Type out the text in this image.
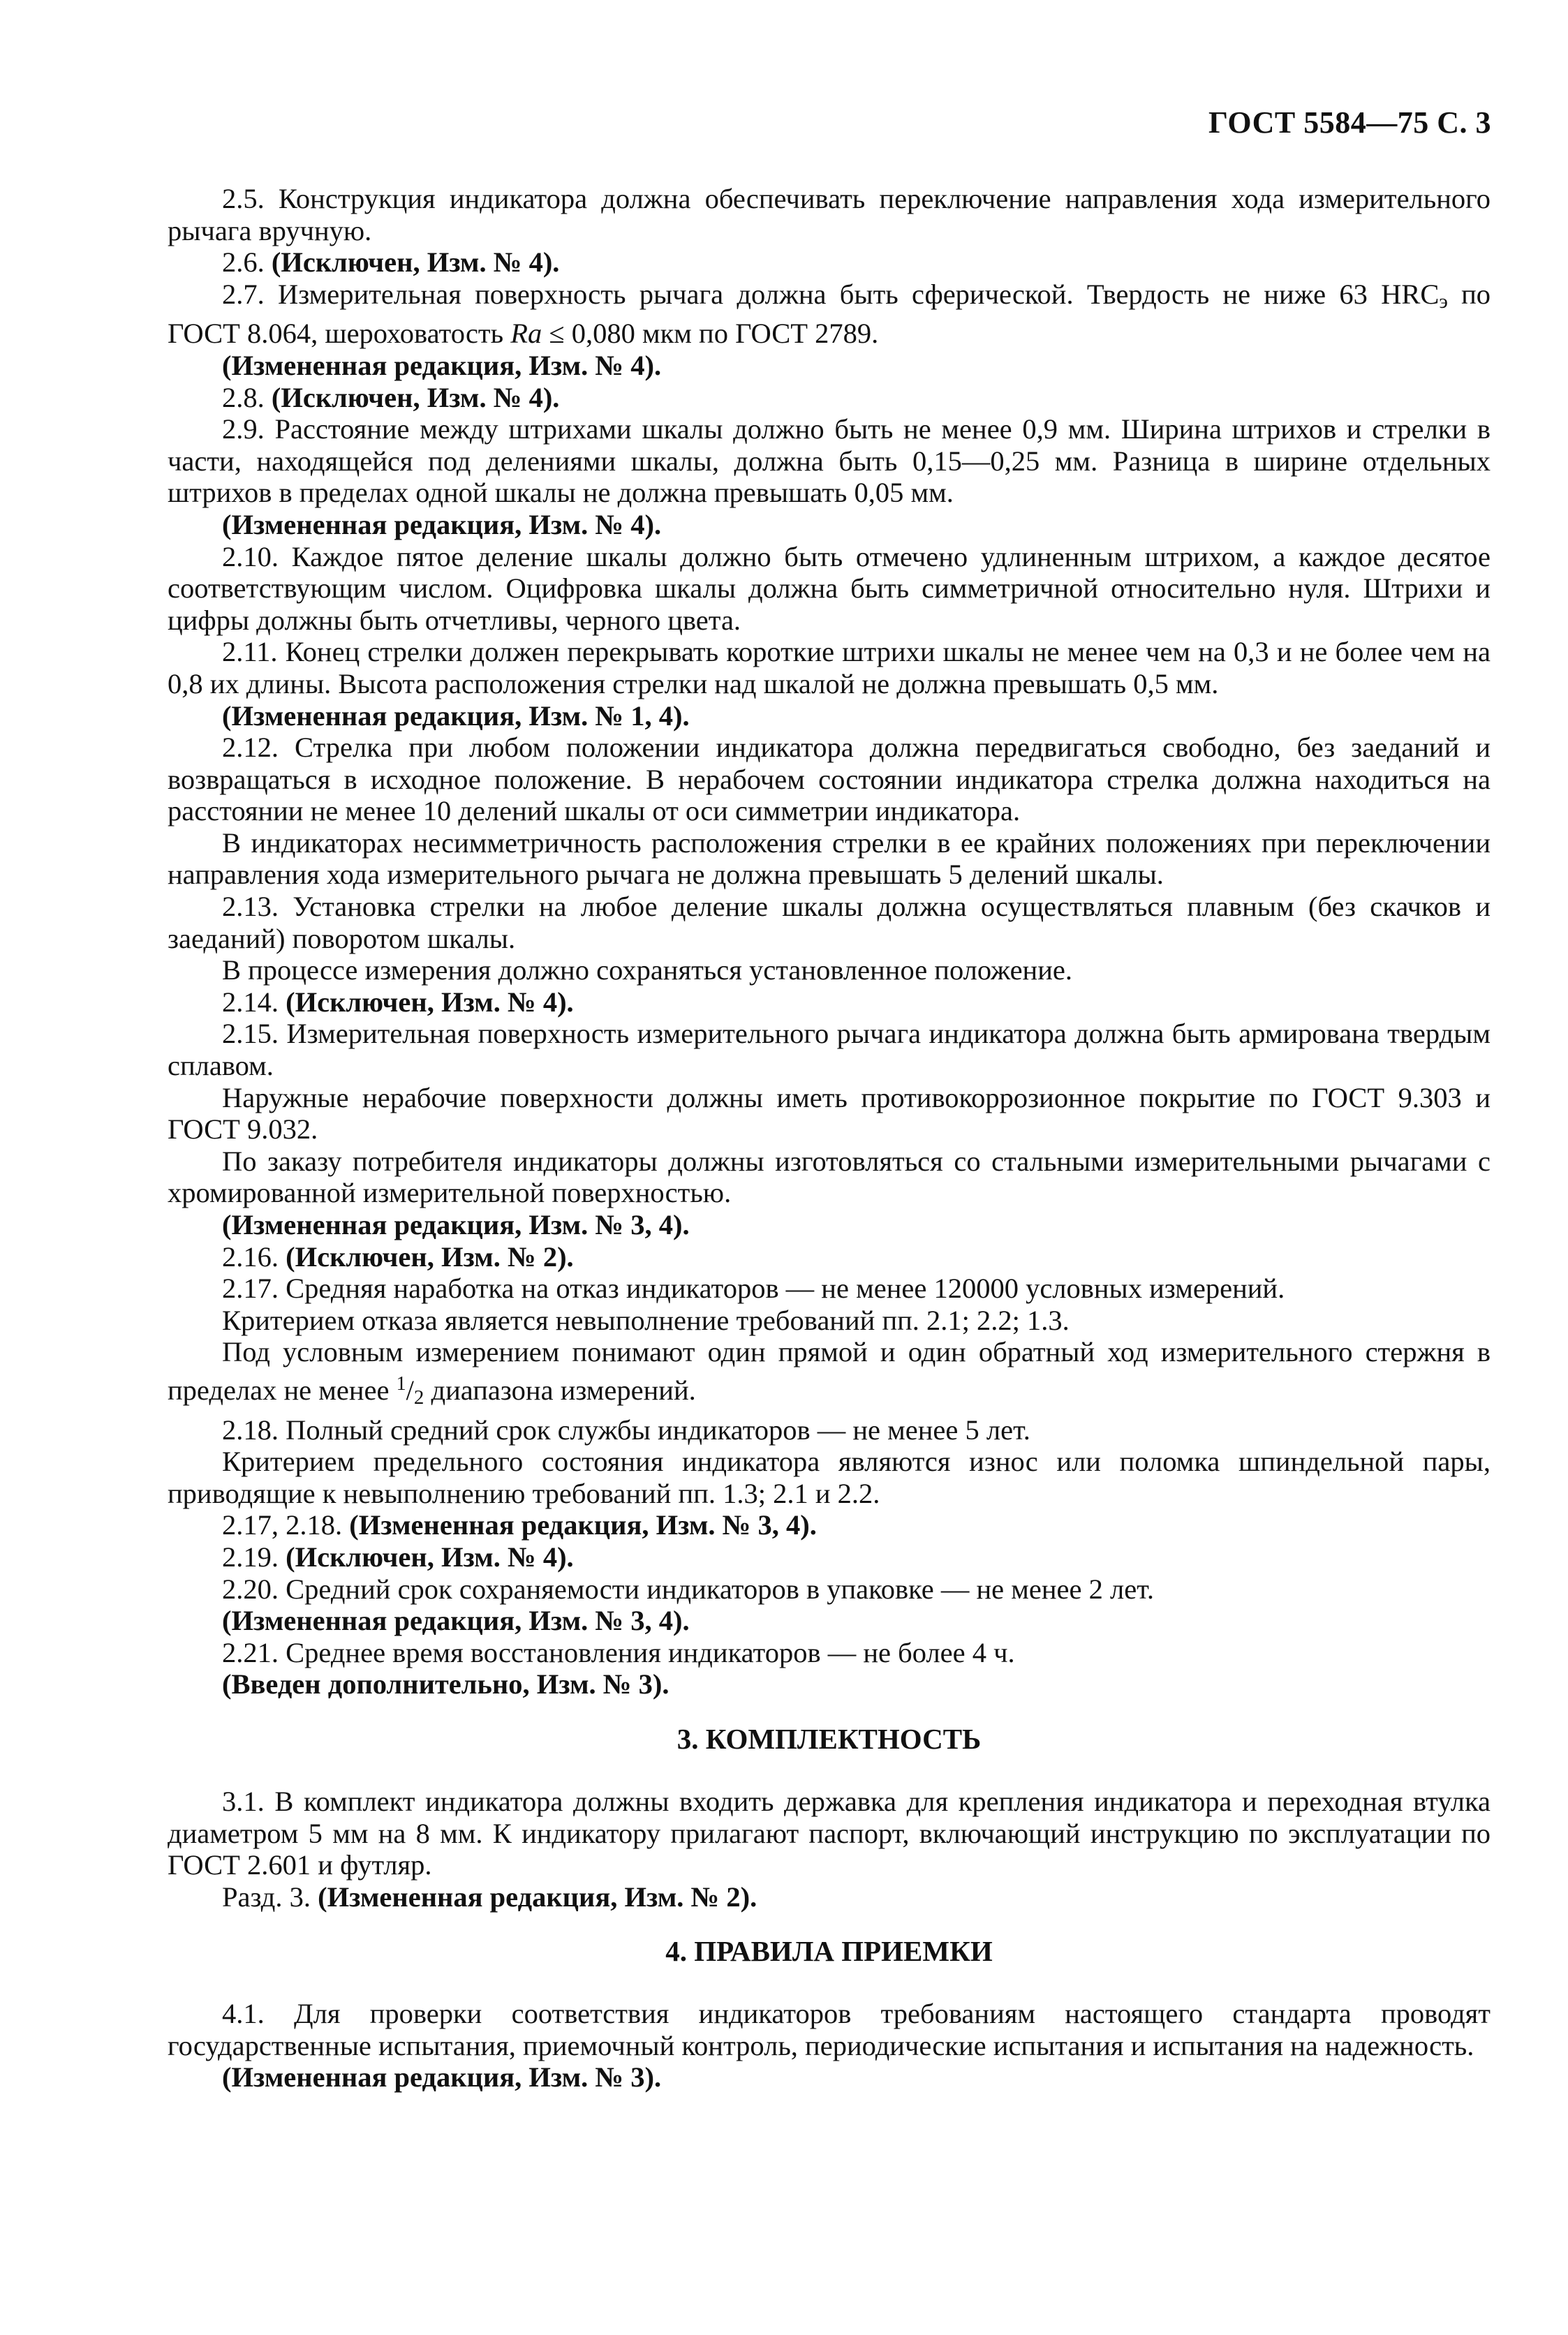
ГОСТ 5584—75 С. 3

2.5. Конструкция индикатора должна обеспечивать переключение направления хода измерительного рычага вручную.

2.6. (Исключен, Изм. № 4).

2.7. Измерительная поверхность рычага должна быть сферической. Твердость не ниже 63 $HRC_э$ по ГОСТ 8.064, шероховатость Ra ≤ 0,080 мкм по ГОСТ 2789.

(Измененная редакция, Изм. № 4).

2.8. (Исключен, Изм. № 4).

2.9. Расстояние между штрихами шкалы должно быть не менее 0,9 мм. Ширина штрихов и стрелки в части, находящейся под делениями шкалы, должна быть 0,15—0,25 мм. Разница в ширине отдельных штрихов в пределах одной шкалы не должна превышать 0,05 мм.

(Измененная редакция, Изм. № 4).

2.10. Каждое пятое деление шкалы должно быть отмечено удлиненным штрихом, а каждое десятое соответствующим числом. Оцифровка шкалы должна быть симметричной относительно нуля. Штрихи и цифры должны быть отчетливы, черного цвета.

2.11. Конец стрелки должен перекрывать короткие штрихи шкалы не менее чем на 0,3 и не более чем на 0,8 их длины. Высота расположения стрелки над шкалой не должна превышать 0,5 мм.

(Измененная редакция, Изм. № 1, 4).

2.12. Стрелка при любом положении индикатора должна передвигаться свободно, без заеданий и возвращаться в исходное положение. В нерабочем состоянии индикатора стрелка должна находиться на расстоянии не менее 10 делений шкалы от оси симметрии индикатора.

В индикаторах несимметричность расположения стрелки в ее крайних положениях при переключении направления хода измерительного рычага не должна превышать 5 делений шкалы.

2.13. Установка стрелки на любое деление шкалы должна осуществляться плавным (без скачков и заеданий) поворотом шкалы.

В процессе измерения должно сохраняться установленное положение.

2.14. (Исключен, Изм. № 4).

2.15. Измерительная поверхность измерительного рычага индикатора должна быть армирована твердым сплавом.

Наружные нерабочие поверхности должны иметь противокоррозионное покрытие по ГОСТ 9.303 и ГОСТ 9.032.

По заказу потребителя индикаторы должны изготовляться со стальными измерительными рычагами с хромированной измерительной поверхностью.

(Измененная редакция, Изм. № 3, 4).

2.16. (Исключен, Изм. № 2).

2.17. Средняя наработка на отказ индикаторов — не менее 120000 условных измерений.

Критерием отказа является невыполнение требований пп. 2.1; 2.2; 1.3.

Под условным измерением понимают один прямой и один обратный ход измерительного стержня в пределах не менее $^1/_2$ диапазона измерений.

2.18. Полный средний срок службы индикаторов — не менее 5 лет.

Критерием предельного состояния индикатора являются износ или поломка шпиндельной пары, приводящие к невыполнению требований пп. 1.3; 2.1 и 2.2.

2.17, 2.18. (Измененная редакция, Изм. № 3, 4).

2.19. (Исключен, Изм. № 4).

2.20. Средний срок сохраняемости индикаторов в упаковке — не менее 2 лет.

(Измененная редакция, Изм. № 3, 4).

2.21. Среднее время восстановления индикаторов — не более 4 ч.

(Введен дополнительно, Изм. № 3).

3. КОМПЛЕКТНОСТЬ

3.1. В комплект индикатора должны входить державка для крепления индикатора и переходная втулка диаметром 5 мм на 8 мм. К индикатору прилагают паспорт, включающий инструкцию по эксплуатации по ГОСТ 2.601 и футляр.

Разд. 3. (Измененная редакция, Изм. № 2).

4. ПРАВИЛА ПРИЕМКИ

4.1. Для проверки соответствия индикаторов требованиям настоящего стандарта проводят государственные испытания, приемочный контроль, периодические испытания и испытания на надежность.

(Измененная редакция, Изм. № 3).
